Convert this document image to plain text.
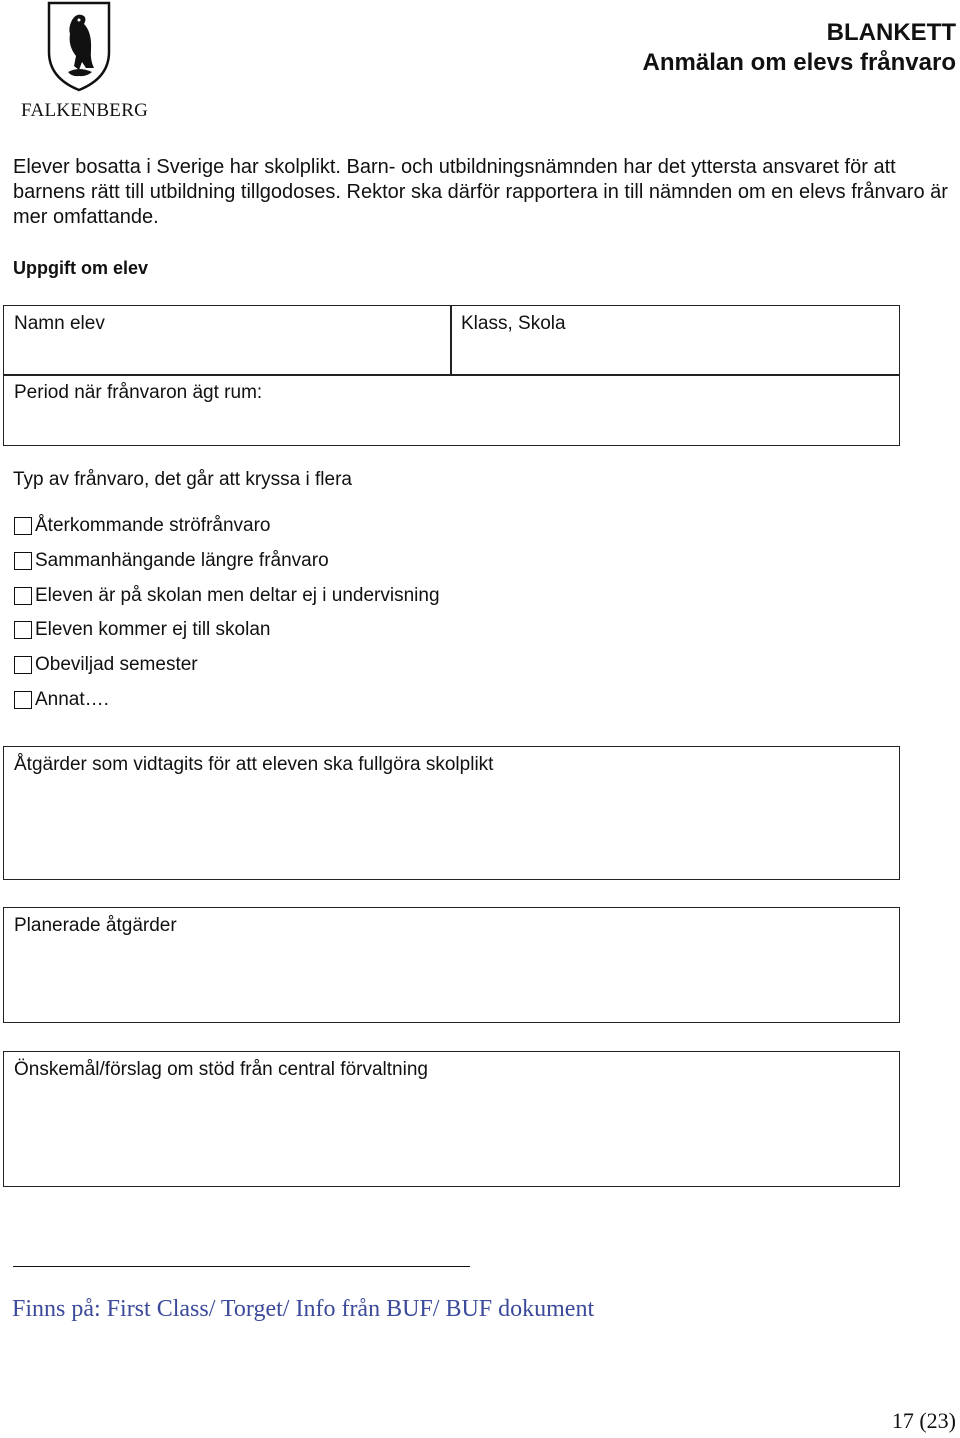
FALKENBERG
BLANKETT
Anmälan om elevs frånvaro
Elever bosatta i Sverige har skolplikt. Barn- och utbildningsnämnden har det yttersta ansvaret för att barnens rätt till utbildning tillgodoses. Rektor ska därför rapportera in till nämnden om en elevs frånvaro är mer omfattande.
Uppgift om elev
Namn elev	Klass, Skola
Period när frånvaron ägt rum:
Typ av frånvaro, det går att kryssa i flera
Återkommande ströfrånvaro
Sammanhängande längre frånvaro
Eleven är på skolan men deltar ej i undervisning
Eleven kommer ej till skolan
Obeviljad semester
Annat….
Åtgärder som vidtagits för att eleven ska fullgöra skolplikt
Planerade åtgärder
Önskemål/förslag om stöd från central förvaltning
Finns på: First Class/ Torget/ Info från BUF/ BUF dokument
17 (23)
